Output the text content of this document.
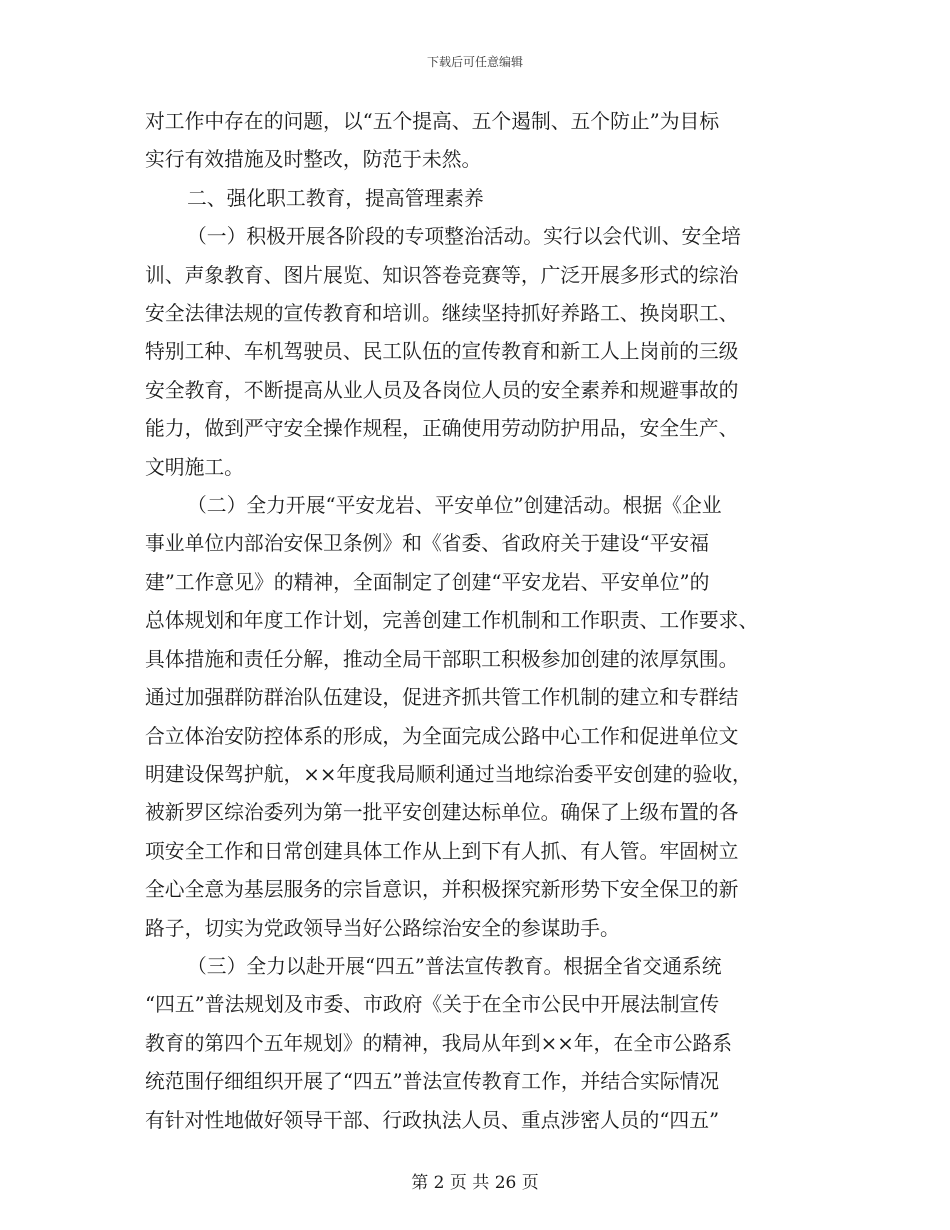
下载后可任意编辑
对工作中存在的问题，以“五个提高、五个遏制、五个防止”为目标
实行有效措施及时整改，防范于未然。
二、强化职工教育，提高管理素养
（一）积极开展各阶段的专项整治活动。实行以会代训、安全培
训、声象教育、图片展览、知识答卷竞赛等，广泛开展多形式的综治
安全法律法规的宣传教育和培训。继续坚持抓好养路工、换岗职工、
特别工种、车机驾驶员、民工队伍的宣传教育和新工人上岗前的三级
安全教育，不断提高从业人员及各岗位人员的安全素养和规避事故的
能力，做到严守安全操作规程，正确使用劳动防护用品，安全生产、
文明施工。
（二）全力开展“平安龙岩、平安单位”创建活动。根据《企业
事业单位内部治安保卫条例》和《省委、省政府关于建设“平安福
建”工作意见》的精神，全面制定了创建“平安龙岩、平安单位”的
总体规划和年度工作计划，完善创建工作机制和工作职责、工作要求、
具体措施和责任分解，推动全局干部职工积极参加创建的浓厚氛围。
通过加强群防群治队伍建设，促进齐抓共管工作机制的建立和专群结
合立体治安防控体系的形成，为全面完成公路中心工作和促进单位文
明建设保驾护航，××年度我局顺利通过当地综治委平安创建的验收，
被新罗区综治委列为第一批平安创建达标单位。确保了上级布置的各
项安全工作和日常创建具体工作从上到下有人抓、有人管。牢固树立
全心全意为基层服务的宗旨意识，并积极探究新形势下安全保卫的新
路子，切实为党政领导当好公路综治安全的参谋助手。
（三）全力以赴开展“四五”普法宣传教育。根据全省交通系统
“四五”普法规划及市委、市政府《关于在全市公民中开展法制宣传
教育的第四个五年规划》的精神，我局从年到××年，在全市公路系
统范围仔细组织开展了“四五”普法宣传教育工作，并结合实际情况
有针对性地做好领导干部、行政执法人员、重点涉密人员的“四五”
第 2 页 共 26 页
